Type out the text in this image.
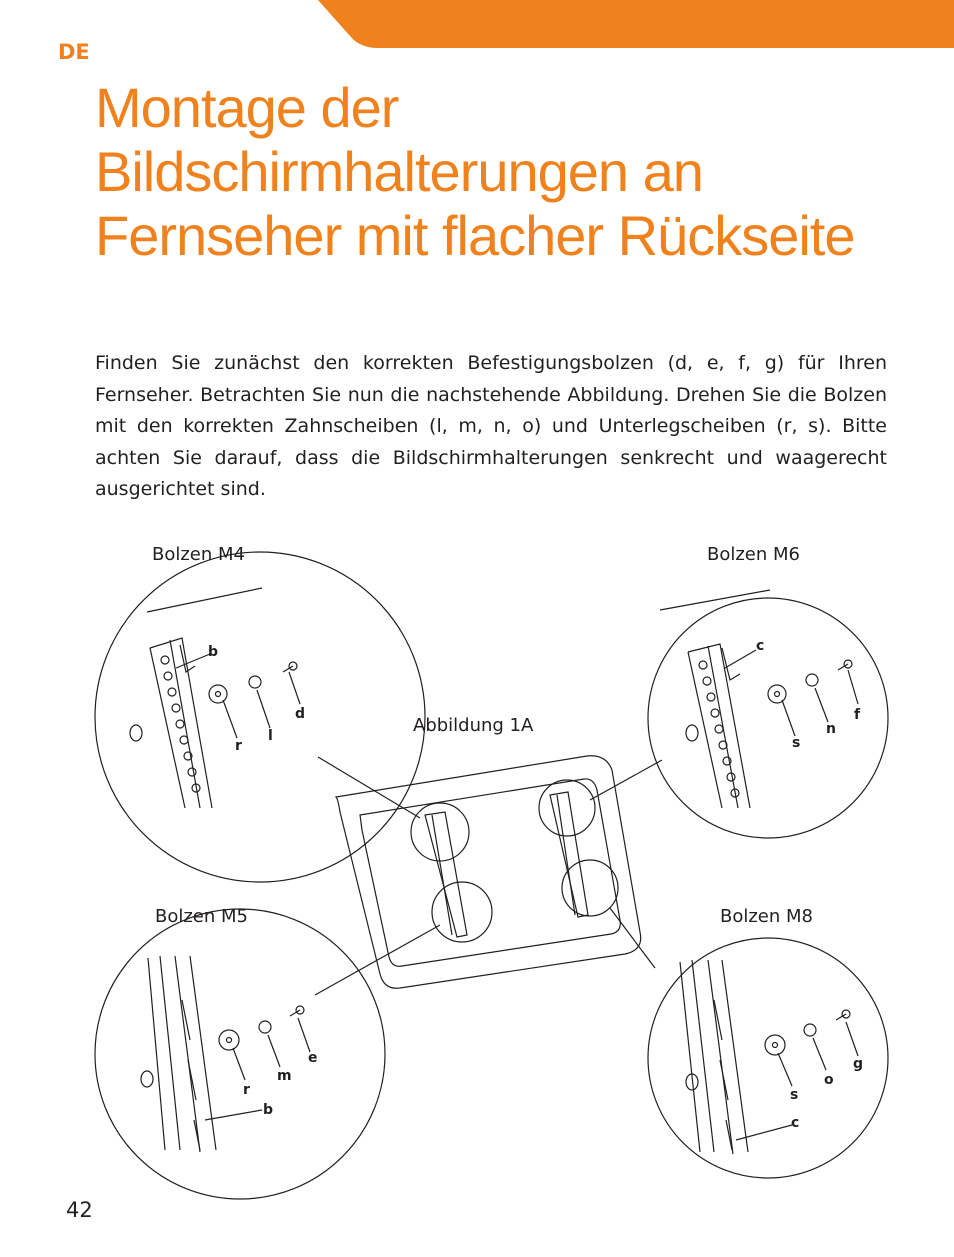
DE
Montage der Bildschirmhalterungen an Fernseher mit flacher Rückseite

Finden Sie zunächst den korrekten Befestigungsbolzen (d, e, f, g) für Ihren Fernseher. Betrachten Sie nun die nachstehende Abbildung. Drehen Sie die Bolzen mit den korrekten Zahnscheiben (l, m, n, o) und Unterlegscheiben (r, s). Bitte achten Sie darauf, dass die Bildschirmhalterungen senkrecht und waagerecht ausgerichtet sind.

b
d
r
l
c
s
n
f
e
m
r
b
g
o
s
c
Bolzen M4	Bolzen M6
Abbildung 1A
Bolzen M5	Bolzen M8
42
